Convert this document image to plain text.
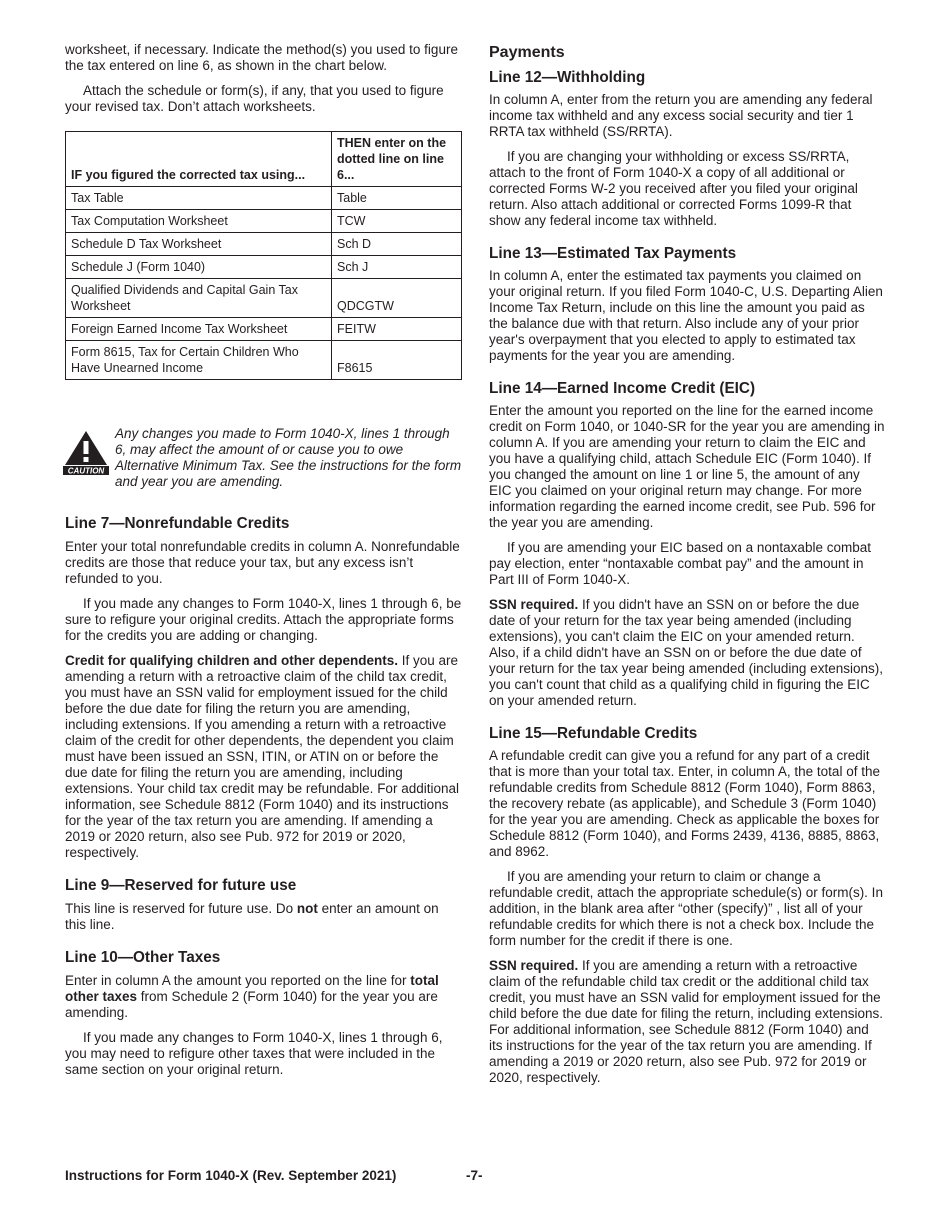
worksheet, if necessary. Indicate the method(s) you used to figure the tax entered on line 6, as shown in the chart below.

Attach the schedule or form(s), if any, that you used to figure your revised tax. Don’t attach worksheets.

IF you figured the corrected tax using...	THEN enter on the dotted line on line 6...
Tax Table	Table
Tax Computation Worksheet	TCW
Schedule D Tax Worksheet	Sch D
Schedule J (Form 1040)	Sch J
Qualified Dividends and Capital Gain Tax Worksheet	QDCGTW
Foreign Earned Income Tax Worksheet	FEITW
Form 8615, Tax for Certain Children Who Have Unearned Income	F8615
CAUTION
Any changes you made to Form 1040-X, lines 1 through 6, may affect the amount of or cause you to owe Alternative Minimum Tax. See the instructions for the form and year you are amending.
Line 7—Nonrefundable Credits

Enter your total nonrefundable credits in column A. Nonrefundable credits are those that reduce your tax, but any excess isn’t refunded to you.

If you made any changes to Form 1040-X, lines 1 through 6, be sure to refigure your original credits. Attach the appropriate forms for the credits you are adding or changing.

Credit for qualifying children and other dependents. If you are amending a return with a retroactive claim of the child tax credit, you must have an SSN valid for employment issued for the child before the due date for filing the return you are amending, including extensions. If you amending a return with a retroactive claim of the credit for other dependents, the dependent you claim must have been issued an SSN, ITIN, or ATIN on or before the due date for filing the return you are amending, including extensions. Your child tax credit may be refundable. For additional information, see Schedule 8812 (Form 1040) and its instructions for the year of the tax return you are amending. If amending a 2019 or 2020 return, also see Pub. 972 for 2019 or 2020, respectively.

Line 9—Reserved for future use

This line is reserved for future use. Do not enter an amount on this line.

Line 10—Other Taxes

Enter in column A the amount you reported on the line for total other taxes from Schedule 2 (Form 1040) for the year you are amending.

If you made any changes to Form 1040-X, lines 1 through 6, you may need to refigure other taxes that were included in the same section on your original return.

Payments
Line 12—Withholding

In column A, enter from the return you are amending any federal income tax withheld and any excess social security and tier 1 RRTA tax withheld (SS/RRTA).

If you are changing your withholding or excess SS/RRTA, attach to the front of Form 1040-X a copy of all additional or corrected Forms W-2 you received after you filed your original return. Also attach additional or corrected Forms 1099-R that show any federal income tax withheld.

Line 13—Estimated Tax Payments

In column A, enter the estimated tax payments you claimed on your original return. If you filed Form 1040-C, U.S. Departing Alien Income Tax Return, include on this line the amount you paid as the balance due with that return. Also include any of your prior year's overpayment that you elected to apply to estimated tax payments for the year you are amending.

Line 14—Earned Income Credit (EIC)

Enter the amount you reported on the line for the earned income credit on Form 1040, or 1040-SR for the year you are amending in column A. If you are amending your return to claim the EIC and you have a qualifying child, attach Schedule EIC (Form 1040). If you changed the amount on line 1 or line 5, the amount of any EIC you claimed on your original return may change. For more information regarding the earned income credit, see Pub. 596 for the year you are amending.

If you are amending your EIC based on a nontaxable combat pay election, enter “nontaxable combat pay” and the amount in Part III of Form 1040-X.

SSN required. If you didn't have an SSN on or before the due date of your return for the tax year being amended (including extensions), you can't claim the EIC on your amended return. Also, if a child didn't have an SSN on or before the due date of your return for the tax year being amended (including extensions), you can't count that child as a qualifying child in figuring the EIC on your amended return.

Line 15—Refundable Credits

A refundable credit can give you a refund for any part of a credit that is more than your total tax. Enter, in column A, the total of the refundable credits from Schedule 8812 (Form 1040), Form 8863, the recovery rebate (as applicable), and Schedule 3 (Form 1040) for the year you are amending. Check as applicable the boxes for Schedule 8812 (Form 1040), and Forms 2439, 4136, 8885, 8863, and 8962.

If you are amending your return to claim or change a refundable credit, attach the appropriate schedule(s) or form(s). In addition, in the blank area after “other (specify)” , list all of your refundable credits for which there is not a check box. Include the form number for the credit if there is one.

SSN required. If you are amending a return with a retroactive claim of the refundable child tax credit or the additional child tax credit, you must have an SSN valid for employment issued for the child before the due date for filing the return, including extensions. For additional information, see Schedule 8812 (Form 1040) and its instructions for the year of the tax return you are amending. If amending a 2019 or 2020 return, also see Pub. 972 for 2019 or 2020, respectively.

Instructions for Form 1040-X (Rev. September 2021)	-7-
